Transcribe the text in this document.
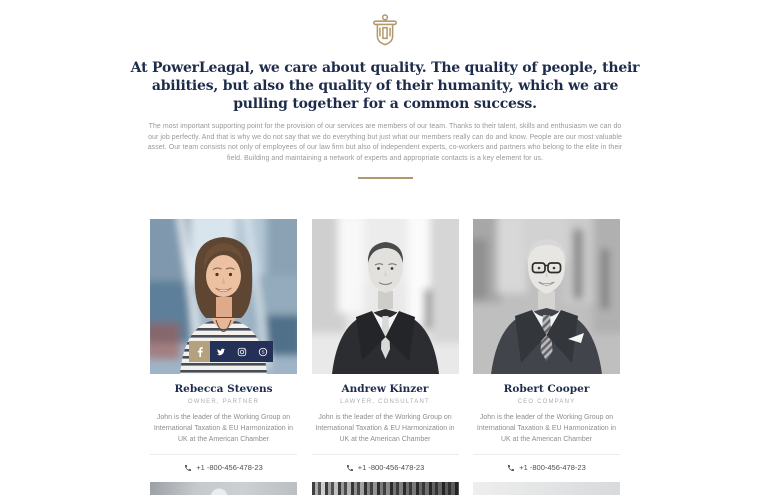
At PowerLeagal, we care about quality. The quality of people, their abilities, but also the quality of their humanity, which we are pulling together for a common success.

The most important supporting point for the provision of our services are members of our team. Thanks to their talent, skills and enthusiasm we can do our job perfectly. And that is why we do not say that we do everything but just what our members really can do and know. People are our most valuable asset. Our team consists not only of employees of our law firm but also of independent experts, co-workers and partners who belong to the elite in their field. Building and maintaining a network of experts and appropriate contacts is a key element for us.

S
Rebecca Stevens
OWNER, PARTNER

John is the leader of the Working Group on International Taxation & EU Harmonization in UK at the American Chamber

+1 -800-456-478-23
Andrew Kinzer
LAWYER, CONSULTANT

John is the leader of the Working Group on International Taxation & EU Harmonization in UK at the American Chamber

+1 -800-456-478-23
Robert Cooper
CEO COMPANY

John is the leader of the Working Group on International Taxation & EU Harmonization in UK at the American Chamber

+1 -800-456-478-23
